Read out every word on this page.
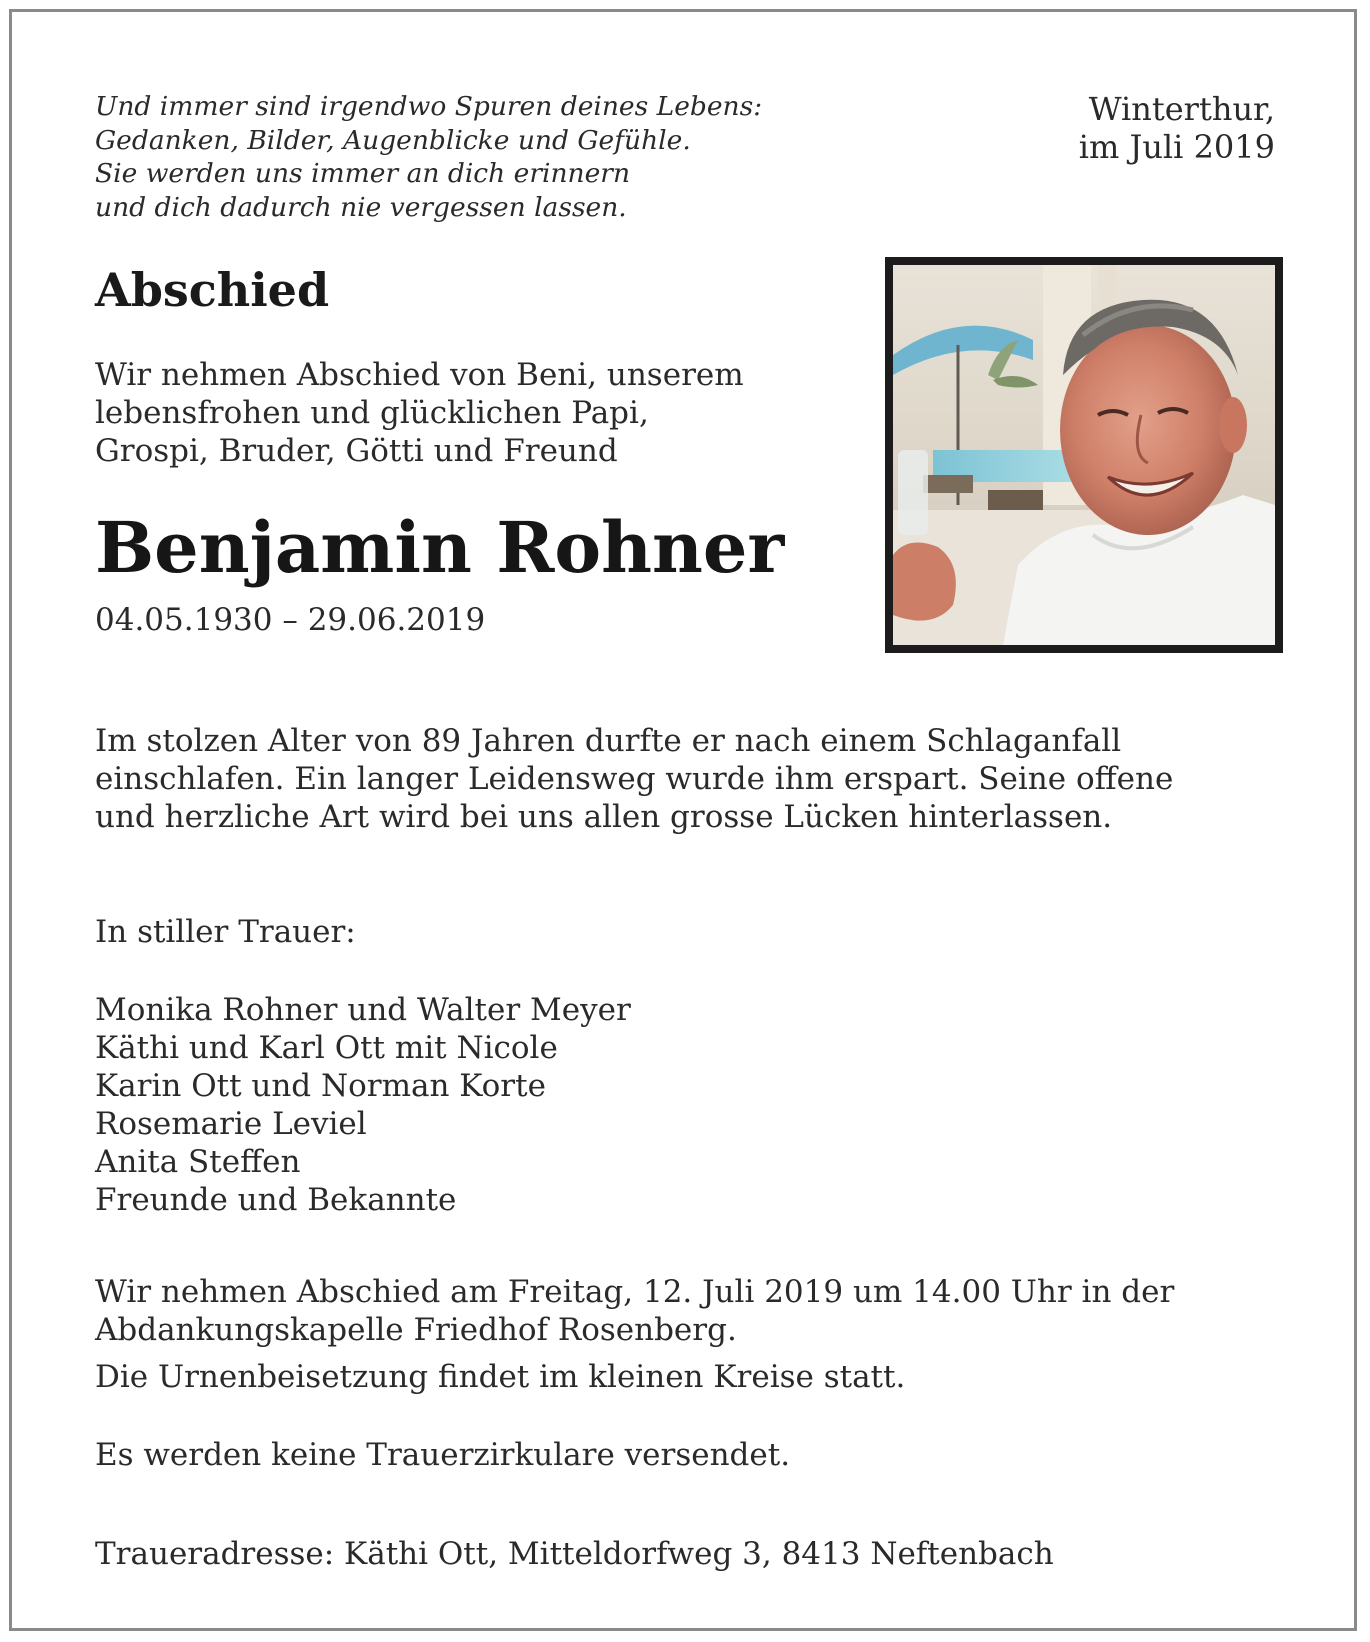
Und immer sind irgendwo Spuren deines Lebens:
Gedanken, Bilder, Augenblicke und Gefühle.
Sie werden uns immer an dich erinnern
und dich dadurch nie vergessen lassen.
Winterthur,
im Juli 2019
Abschied
Wir nehmen Abschied von Beni, unserem
lebensfrohen und glücklichen Papi,
Grospi, Bruder, Götti und Freund
Benjamin Rohner
04.05.1930 – 29.06.2019
Im stolzen Alter von 89 Jahren durfte er nach einem Schlaganfall
einschlafen. Ein langer Leidensweg wurde ihm erspart. Seine offene
und herzliche Art wird bei uns allen grosse Lücken hinterlassen.
In stiller Trauer:
Monika Rohner und Walter Meyer
Käthi und Karl Ott mit Nicole
Karin Ott und Norman Korte
Rosemarie Leviel
Anita Steffen
Freunde und Bekannte
Wir nehmen Abschied am Freitag, 12. Juli 2019 um 14.00 Uhr in der
Abdankungskapelle Friedhof Rosenberg.
Die Urnenbeisetzung findet im kleinen Kreise statt.
Es werden keine Trauerzirkulare versendet.
Traueradresse: Käthi Ott, Mitteldorfweg 3, 8413 Neftenbach
